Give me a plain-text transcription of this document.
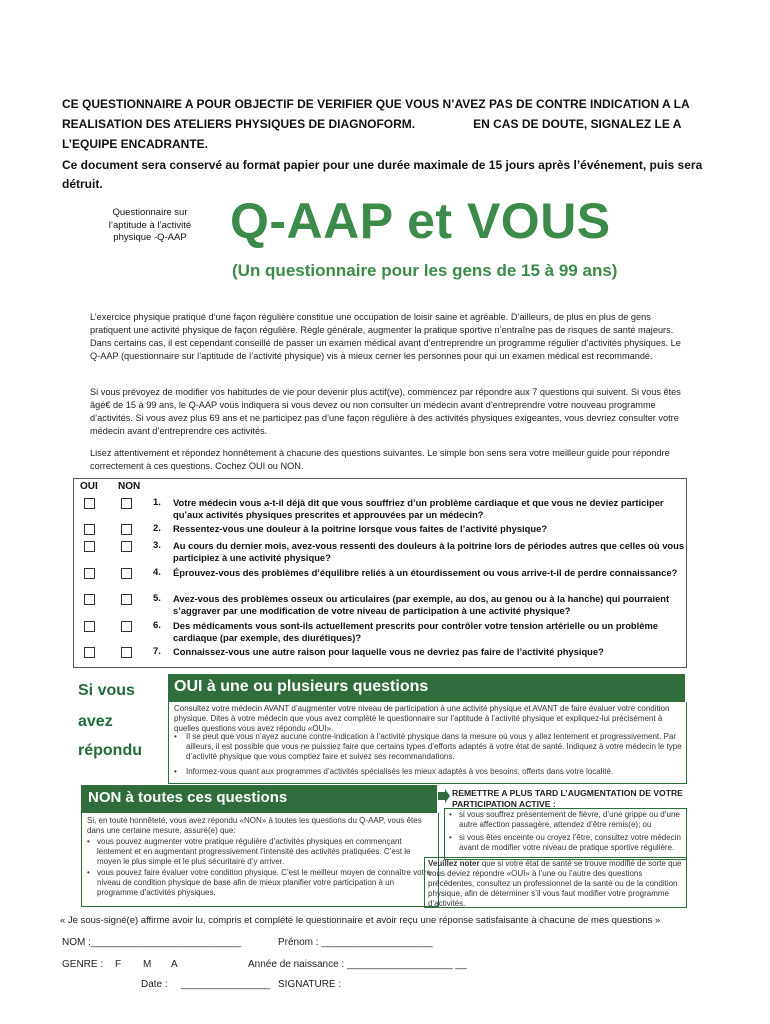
CE QUESTIONNAIRE A POUR OBJECTIF DE VERIFIER QUE VOUS N’AVEZ PAS DE CONTRE INDICATION A LA
REALISATION DES ATELIERS PHYSIQUES DE DIAGNOFORM.	EN CAS DE DOUTE, SIGNALEZ LE A
L’EQUIPE ENCADRANTE.
Ce document sera conservé au format papier pour une durée maximale de 15 jours après l’événement, puis sera détruit.
Questionnaire sur l’aptitude à l’activité physique -Q-AAP Q-AAP et VOUS
(Un questionnaire pour les gens de 15 à 99 ans)
L’exercice physique pratiqué d’une façon régulière constitue une occupation de loisir saine et agréable. D’ailleurs, de plus en plus de gens pratiquent une activité physique de façon régulière. Règle générale, augmenter la pratique sportive n’entraîne pas de risques de santé majeurs. Dans certains cas, il est cependant conseillé de passer un examen médical avant d’entreprendre un programme régulier d’activités physiques. Le Q-AAP (questionnaire sur l’aptitude de l’activité physique) vis à mieux cerner les personnes pour qui un examen médical est recommandé.
Si vous prévoyez de modifier vos habitudes de vie pour devenir plus actif(ve), commencez par répondre aux 7 questions qui suivent. Si vous êtes âgé€ de 15 à 99 ans, le Q-AAP vous indiquera si vous devez ou non consulter un médecin avant d’entreprendre votre nouveau programme d’activités. Si vous avez plus 69 ans et ne participez pas d’une façon régulière à des activités physiques exigeantes, vous devriez consulter votre médecin avant d’entreprendre ces activités.
Lisez attentivement et répondez honnêtement à chacune des questions suivantes. Le simple bon sens sera votre meilleur guide pour répondre correctement à ces questions. Cochez OUI ou NON.
OUI NON
1. Votre médecin vous a-t-il déjà dit que vous souffriez d’un problème cardiaque et que vous ne deviez participer qu’aux activités physiques prescrites et approuvées par un médecin?
2. Ressentez-vous une douleur à la poitrine lorsque vous faites de l’activité physique?
3. Au cours du dernier mois, avez-vous ressenti des douleurs à la poitrine lors de périodes autres que celles où vous participiez à une activité physique?
4. Éprouvez-vous des problèmes d’équilibre reliés à un étourdissement ou vous arrive-t-il de perdre connaissance?
5. Avez-vous des problèmes osseux ou articulaires (par exemple, au dos, au genou ou à la hanche) qui pourraient s’aggraver par une modification de votre niveau de participation à une activité physique?
6. Des médicaments vous sont-ils actuellement prescrits pour contrôler votre tension artérielle ou un problème cardiaque (par exemple, des diurétiques)?
7. Connaissez-vous une autre raison pour laquelle vous ne devriez pas faire de l’activité physique?
Si vous
avez
répondu
OUI à une ou plusieurs questions
Consultez votre médecin AVANT d’augmenter votre niveau de participation à une activité physique et AVANT de faire évaluer votre condition physique. Dites à votre médecin que vous avez complété le questionnaire sur l’aptitude à l’activité physique et expliquez-lui précisément à quelles questions vous avez répondu «OUI».
•	Il se peut que vous n’ayez aucune contre-indication à l’activité physique dans la mesure où vous y allez lentement et progressivement. Par ailleurs, il est possible que vous ne puissiez faire que certains types d’efforts adaptés à votre état de santé. Indiquez à votre médecin le type d’activité physique que vous comptiez faire et suivez ses recommandations.
•	Informez-vous quant aux programmes d’activités spécialisés les mieux adaptés à vos besoins, offerts dans votre localité.
NON à toutes ces questions
Si, en toute honnêteté, vous avez répondu «NON» à toutes les questions du Q-AAP, vous êtes dans une certaine mesure, assuré(e) que:
• vous pouvez augmenter votre pratique régulière d’activités physiques en commençant lentement et en augmentant progressivement l’intensité des activités pratiquées. C’est le moyen le plus simple et le plus sécuritaire d’y arriver.
• vous pouvez faire évaluer votre condition physique. C’est le meilleur moyen de connaître votre niveau de condition physique de base afin de mieux planifier votre participation à un programme d’activités physiques.
REMETTRE A PLUS TARD L’AUGMENTATION DE VOTRE
PARTICIPATION ACTIVE :
• si vous souffrez présentement de fièvre, d’une grippe ou d’une autre affection passagère, attendez d’être remis(e); ou
• si vous êtes enceinte ou croyez l’être, consultez votre médecin avant de modifier votre niveau de pratique sportive régulière.
Veuillez noter que si votre état de santé se trouve modifié de sorte que vous deviez répondre «OUI» à l’une ou l’autre des questions précédentes, consultez un professionnel de la santé ou de la condition physique, afin de déterminer s’il vous faut modifier votre programme d’activités.
« Je sous-signé(e) affirme avoir lu, compris et complété le questionnaire et avoir reçu une réponse satisfaisante à chacune de mes questions »
NOM :___________________________	Prénom : ____________________
GENRE : F M A	Année de naissance : ___________________ __
Date : ________________ SIGNATURE :
